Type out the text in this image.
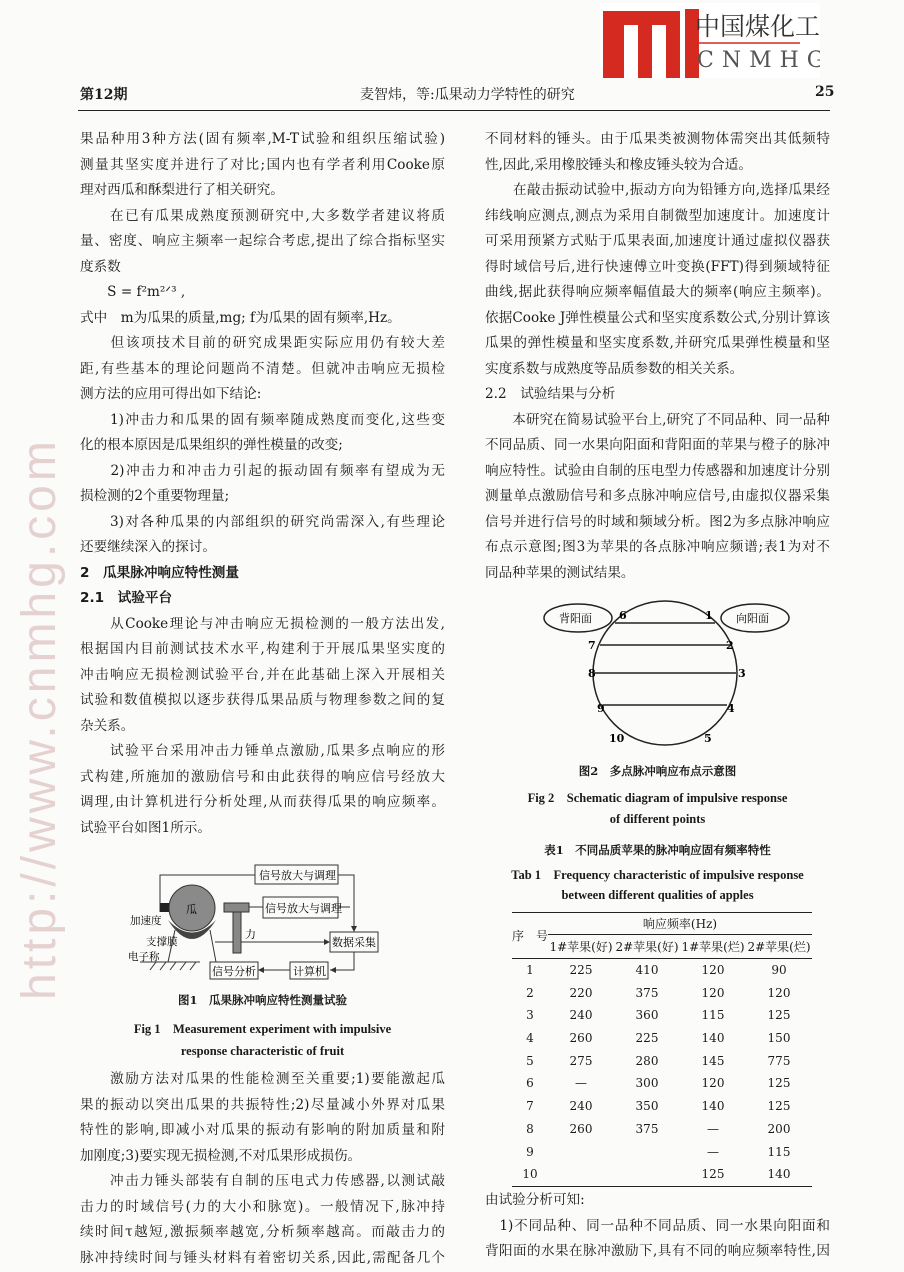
第12期	麦智炜，等:瓜果动力学特性的研究	25
果品种用3种方法(固有频率,M-T试验和组织压缩试验)
测量其坚实度并进行了对比;国内也有学者利用Cooke原
理对西瓜和酥梨进行了相关研究。
　　在已有瓜果成熟度预测研究中,大多数学者建议将质
量、密度、响应主频率一起综合考虑,提出了综合指标坚实
度系数
　　S = f²m²ᐟ³ ,
式中　m为瓜果的质量,mg; f为瓜果的固有频率,Hz。
　　但该项技术目前的研究成果距实际应用仍有较大差
距,有些基本的理论问题尚不清楚。但就冲击响应无损检
测方法的应用可得出如下结论:
　　1)冲击力和瓜果的固有频率随成熟度而变化,这些变
化的根本原因是瓜果组织的弹性模量的改变;
　　2)冲击力和冲击力引起的振动固有频率有望成为无
损检测的2个重要物理量;
　　3)对各种瓜果的内部组织的研究尚需深入,有些理论
还要继续深入的探讨。
2　瓜果脉冲响应特性测量
2.1　试验平台
　　从Cooke理论与冲击响应无损检测的一般方法出发,
根据国内目前测试技术水平,构建利于开展瓜果坚实度的
冲击响应无损检测试验平台,并在此基础上深入开展相关
试验和数值模拟以逐步获得瓜果品质与物理参数之间的复
杂关系。
　　试验平台采用冲击力锤单点激励,瓜果多点响应的形
式构建,所施加的激励信号和由此获得的响应信号经放大
调理,由计算机进行分析处理,从而获得瓜果的响应频率。
试验平台如图1所示。
信号放大与调理
信号放大与调理
数据采集
计算机
信号分析
瓜
加速度
支撑膜
电子称
力
图1　瓜果脉冲响应特性测量试验
Fig 1　Measurement experiment with impulsive
response characteristic of fruit
　　激励方法对瓜果的性能检测至关重要;1)要能激起瓜
果的振动以突出瓜果的共振特性;2)尽量减小外界对瓜果
特性的影响,即减小对瓜果的振动有影响的附加质量和附
加刚度;3)要实现无损检测,不对瓜果形成损伤。
　　冲击力锤头部装有自制的压电式力传感器,以测试敲
击力的时域信号(力的大小和脉宽)。一般情况下,脉冲持
续时间τ越短,激振频率越宽,分析频率越高。而敲击力的
脉冲持续时间与锤头材料有着密切关系,因此,需配备几个
不同材料的锤头。由于瓜果类被测物体需突出其低频特
性,因此,采用橡胶锤头和橡皮锤头较为合适。
　　在敲击振动试验中,振动方向为铅锤方向,选择瓜果经
纬线响应测点,测点为采用自制微型加速度计。加速度计
可采用预紧方式贴于瓜果表面,加速度计通过虚拟仪器获
得时域信号后,进行快速傅立叶变换(FFT)得到频域特征
曲线,据此获得响应频率幅值最大的频率(响应主频率)。
依据Cooke J弹性模量公式和坚实度系数公式,分别计算该
瓜果的弹性模量和坚实度系数,并研究瓜果弹性模量和坚
实度系数与成熟度等品质参数的相关关系。
2.2　试验结果与分析
　　本研究在简易试验平台上,研究了不同品种、同一品种
不同品质、同一水果向阳面和背阳面的苹果与橙子的脉冲
响应特性。试验由自制的压电型力传感器和加速度计分别
测量单点激励信号和多点脉冲响应信号,由虚拟仪器采集
信号并进行信号的时域和频域分析。图2为多点脉冲响应
布点示意图;图3为苹果的各点脉冲响应频谱;表1为对不
同品种苹果的测试结果。
背阳面	向阳面
1
2
3
4
5
6
7
8
9
10
图2　多点脉冲响应布点示意图
Fig 2　Schematic diagram of impulsive response
of different points
表1　不同品质苹果的脉冲响应固有频率特性
Tab 1　Frequency characteristic of impulsive response
between different qualities of apples
序　号	响应频率(Hz)			
	1#苹果(好)	2#苹果(好)	1#苹果(烂)	2#苹果(烂)
1	225	410	120	90
2	220	375	120	120
3	240	360	115	125
4	260	225	140	150
5	275	280	145	775
6	—	300	120	125
7	240	350	140	125
8	260	375	—	200
9			—	115
10			125	140
中国煤化工
CNMHG
由试验分析可知:
　1)不同品种、同一品种不同品质、同一水果向阳面和
背阳面的水果在脉冲激励下,具有不同的响应频率特性,因
http://www.cnmhg.com
